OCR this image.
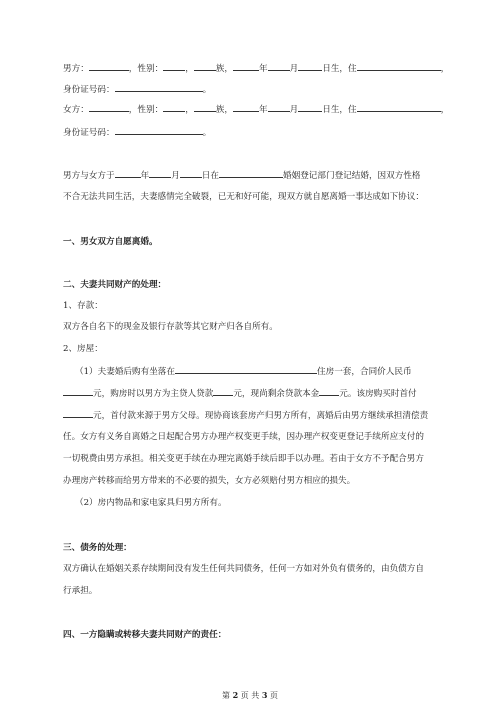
男方：	，性别：	，	族，	年	月	日生，住	，
身份证号码：	。
女方：	，性别：	，	族，	年	月	日生，住	，
身份证号码：	。
男方与女方于	年	月	日在	婚姻登记部门登记结婚，因双方性格
不合无法共同生活，夫妻感情完全破裂，已无和好可能，现双方就自愿离婚一事达成如下协议：
一、男女双方自愿离婚。
二、夫妻共同财产的处理：
1、存款：
双方各自名下的现金及银行存款等其它财产归各自所有。
2、房屋：
（1）夫妻婚后购有坐落在	住房一套，合同价人民币
元，购房时以男方为主贷人贷款 元，现尚剩余贷款本金 元。该房购买时首付
元，首付款来源于男方父母。现协商该套房产归男方所有，离婚后由男方继续承担清偿责
任。女方有义务自离婚之日起配合男方办理产权变更手续，因办理产权变更登记手续所应支付的
一切税费由男方承担。相关变更手续在办理完离婚手续后即手以办理。若由于女方不予配合男方
办理房产转移而给男方带来的不必要的损失，女方必须赔付男方相应的损失。
（2）房内物品和家电家具归男方所有。
三、债务的处理：
双方确认在婚姻关系存续期间没有发生任何共同债务，任何一方如对外负有债务的，由负债方自
行承担。
四、一方隐瞒或转移夫妻共同财产的责任：
第 2 页 共 3 页
